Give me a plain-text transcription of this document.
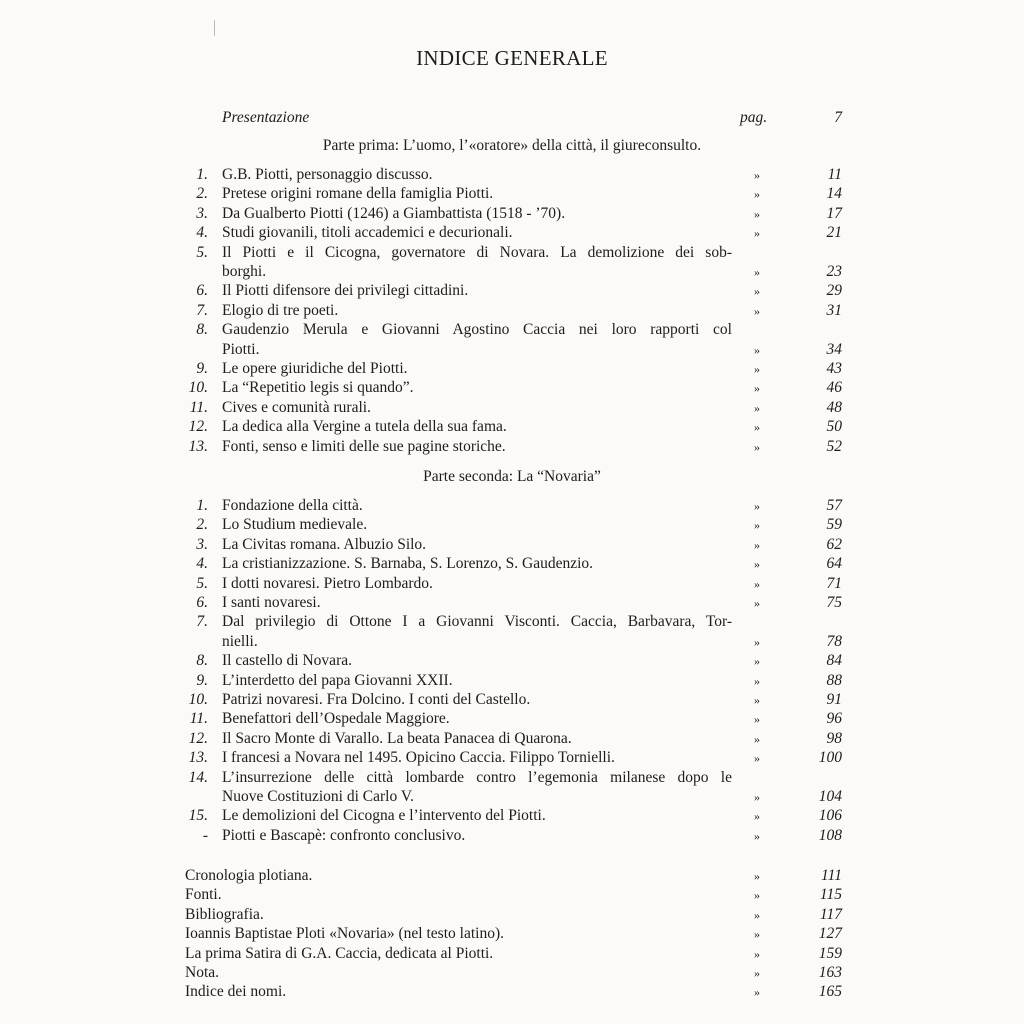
INDICE GENERALE
Presentazione	pag.	7
Parte prima: L’uomo, l’«oratore» della città, il giureconsulto.
1. G.B. Piotti, personaggio discusso.	»	11
2. Pretese origini romane della famiglia Piotti.	»	14
3. Da Gualberto Piotti (1246) a Giambattista (1518 - ’70).	»	17
4. Studi giovanili, titoli accademici e decurionali.	»	21
5. Il Piotti e il Cicogna, governatore di Novara. La demolizione dei sob-
borghi.	»	23
6. Il Piotti difensore dei privilegi cittadini.	»	29
7. Elogio di tre poeti.	»	31
8. Gaudenzio Merula e Giovanni Agostino Caccia nei loro rapporti col
Piotti.	»	34
9. Le opere giuridiche del Piotti.	»	43
10. La “Repetitio legis si quando”.	»	46
11. Cives e comunità rurali.	»	48
12. La dedica alla Vergine a tutela della sua fama.	»	50
13. Fonti, senso e limiti delle sue pagine storiche.	»	52
Parte seconda: La “Novaria”
1. Fondazione della città.	»	57
2. Lo Studium medievale.	»	59
3. La Civitas romana. Albuzio Silo.	»	62
4. La cristianizzazione. S. Barnaba, S. Lorenzo, S. Gaudenzio.	»	64
5. I dotti novaresi. Pietro Lombardo.	»	71
6. I santi novaresi.	»	75
7. Dal privilegio di Ottone I a Giovanni Visconti. Caccia, Barbavara, Tor-
nielli.	»	78
8. Il castello di Novara.	»	84
9. L’interdetto del papa Giovanni XXII.	»	88
10. Patrizi novaresi. Fra Dolcino. I conti del Castello.	»	91
11. Benefattori dell’Ospedale Maggiore.	»	96
12. Il Sacro Monte di Varallo. La beata Panacea di Quarona.	»	98
13. I francesi a Novara nel 1495. Opicino Caccia. Filippo Tornielli.	»	100
14. L’insurrezione delle città lombarde contro l’egemonia milanese dopo le
Nuove Costituzioni di Carlo V.	»	104
15. Le demolizioni del Cicogna e l’intervento del Piotti.	»	106
- Piotti e Bascapè: confronto conclusivo.	»	108
Cronologia plotiana.	»	111
Fonti.	»	115
Bibliografia.	»	117
Ioannis Baptistae Ploti «Novaria» (nel testo latino).	»	127
La prima Satira di G.A. Caccia, dedicata al Piotti.	»	159
Nota.	»	163
Indice dei nomi.	»	165
